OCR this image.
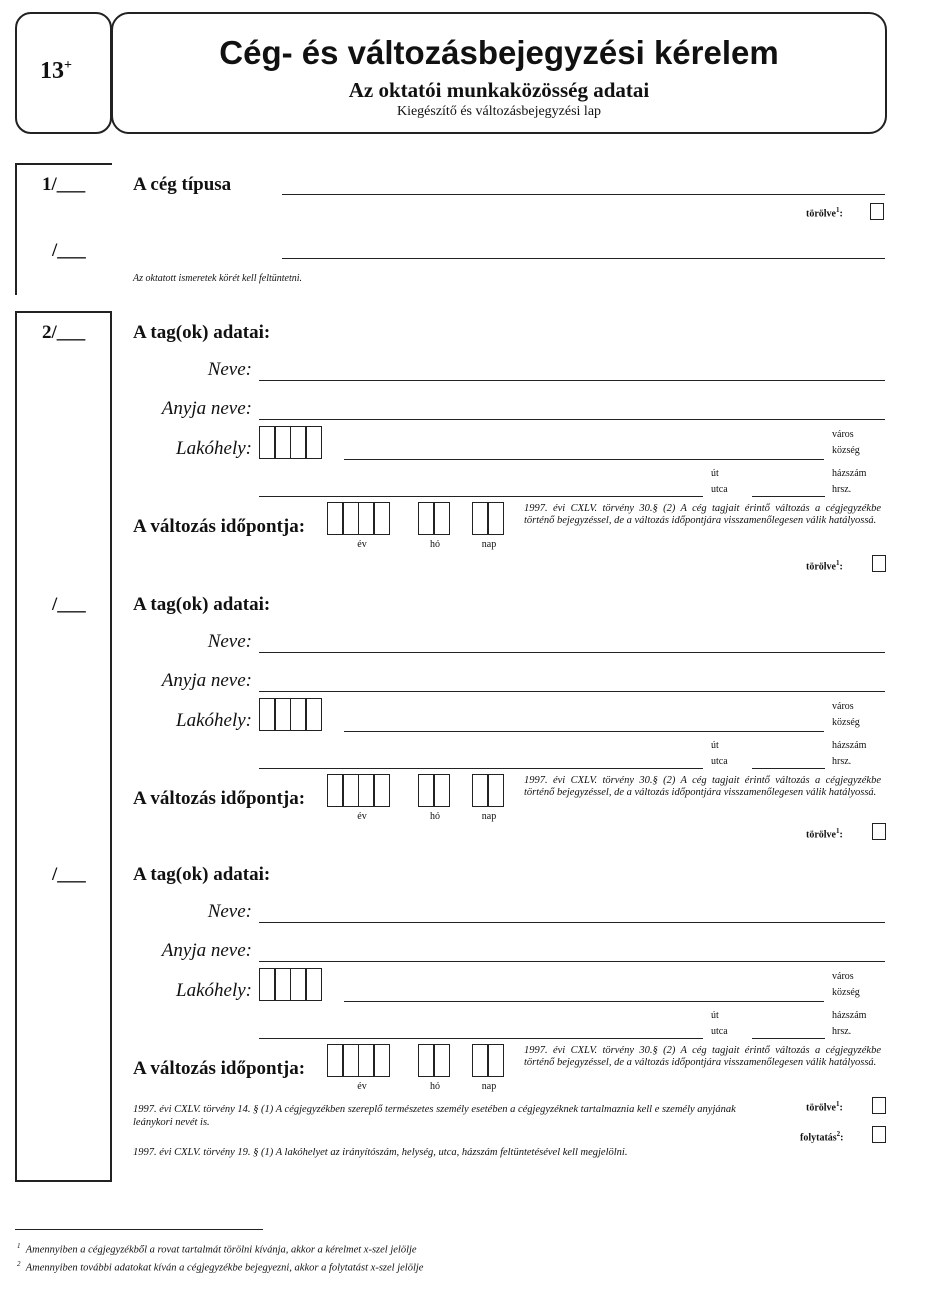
13+	Cég- és változásbejegyzési kérelem
Az oktatói munkaközösség adatai
Kiegészítő és változásbejegyzési lap
1/___
/___
A cég típusa
törölve$^1$:
Az oktatott ismeretek körét kell feltüntetni.
2/___	A tag(ok) adatai:
Neve:
Anyja neve:
Lakóhely:
város
község
út
utca
házszám
hrsz.
A változás időpontja:
év	hó	nap
1997. évi CXLV. törvény 30.§ (2) A cég tagjait érintő változás a cégjegyzékbe történő bejegyzéssel, de a változás időpontjára visszamenőlegesen válik hatályossá.
törölve$^1$:
/___ A tag(ok) adatai:
Neve:
Anyja neve:
Lakóhely:
város
község
út
utca
házszám
hrsz.
A változás időpontja:
év	hó	nap
1997. évi CXLV. törvény 30.§ (2) A cég tagjait érintő változás a cégjegyzékbe történő bejegyzéssel, de a változás időpontjára visszamenőlegesen válik hatályossá.
törölve$^1$:
/___ A tag(ok) adatai:
Neve:
Anyja neve:
Lakóhely:
város
község
út
utca
házszám
hrsz.
A változás időpontja:
év	hó	nap
1997. évi CXLV. törvény 30.§ (2) A cég tagjait érintő változás a cégjegyzékbe történő bejegyzéssel, de a változás időpontjára visszamenőlegesen válik hatályossá.
1997. évi CXLV. törvény 14. § (1) A cégjegyzékben szereplő természetes személy esetében a cégjegyzéknek tartalmaznia kell e személy anyjának leánykori nevét is.
1997. évi CXLV. törvény 19. § (1) A lakóhelyet az irányítószám, helység, utca, házszám feltüntetésével kell megjelölni.
törölve$^1$:
folytatás$^2$:
$^1$ Amennyiben a cégjegyzékből a rovat tartalmát törölni kívánja, akkor a kérelmet x-szel jelölje
$^2$ Amennyiben további adatokat kíván a cégjegyzékbe bejegyezni, akkor a folytatást x-szel jelölje
